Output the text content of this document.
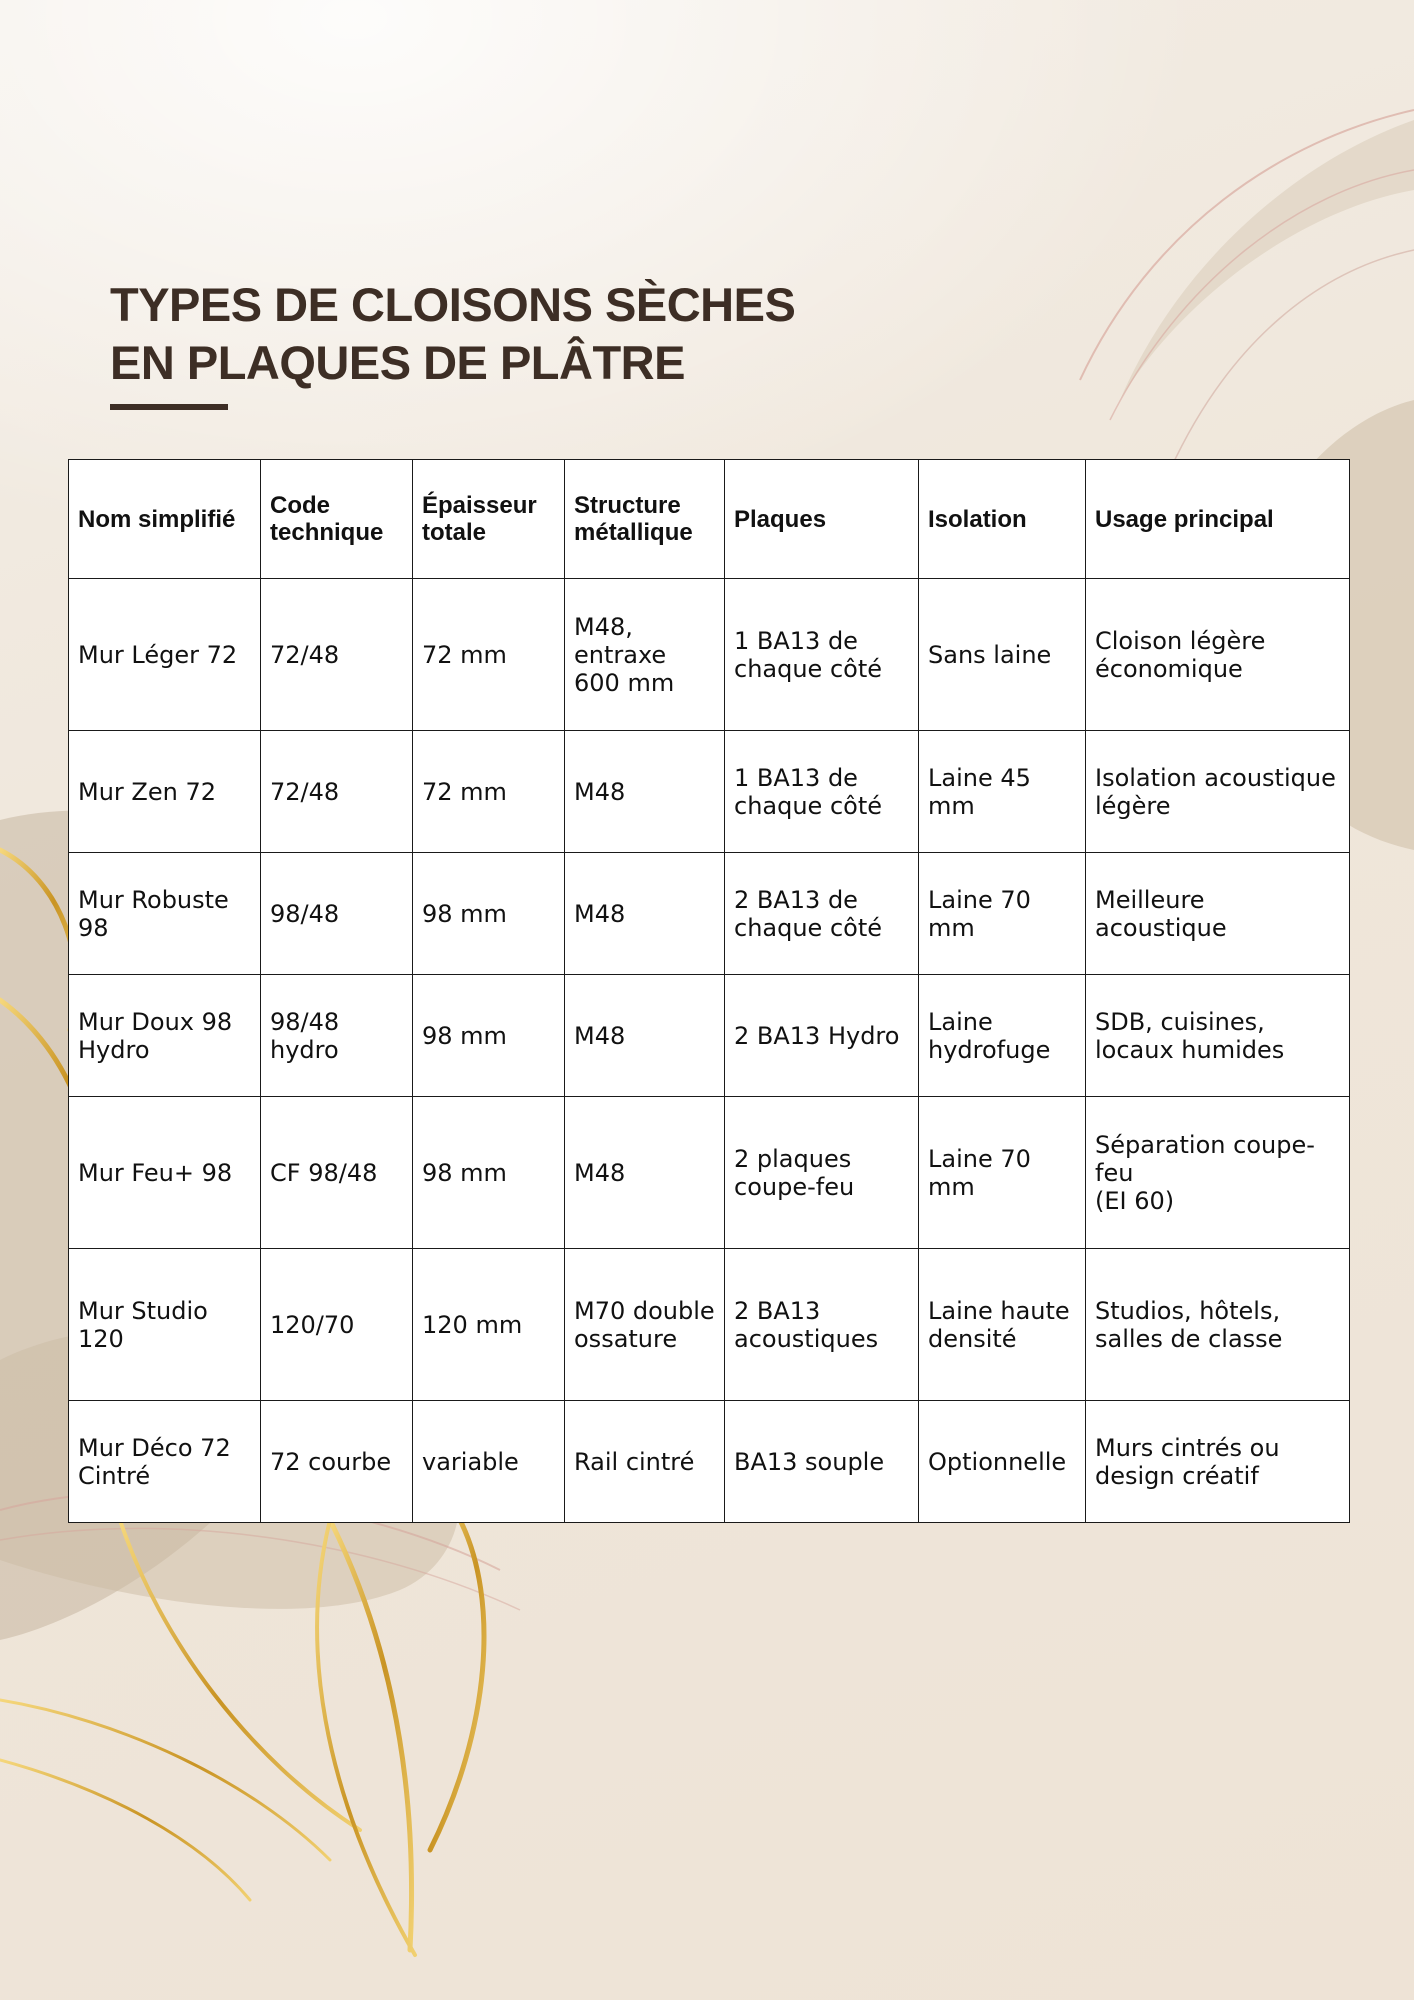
TYPES DE CLOISONS SÈCHES
EN PLAQUES DE PLÂTRE
Nom simplifié	Code technique	Épaisseur totale	Structure métallique	Plaques	Isolation	Usage principal
Mur Léger 72	72/48	72 mm	M48, entraxe 600 mm	1 BA13 de chaque côté	Sans laine	Cloison légère économique
Mur Zen 72	72/48	72 mm	M48	1 BA13 de chaque côté	Laine 45 mm	Isolation acoustique légère
Mur Robuste 98	98/48	98 mm	M48	2 BA13 de chaque côté	Laine 70 mm	Meilleure acoustique
Mur Doux 98 Hydro	98/48 hydro	98 mm	M48	2 BA13 Hydro	Laine hydrofuge	SDB, cuisines, locaux humides
Mur Feu+ 98	CF 98/48	98 mm	M48	2 plaques coupe-feu	Laine 70 mm	Séparation coupe-feu
(EI 60)
Mur Studio 120	120/70	120 mm	M70 double ossature	2 BA13 acoustiques	Laine haute densité	Studios, hôtels, salles de classe
Mur Déco 72 Cintré	72 courbe	variable	Rail cintré	BA13 souple	Optionnelle	Murs cintrés ou design créatif
